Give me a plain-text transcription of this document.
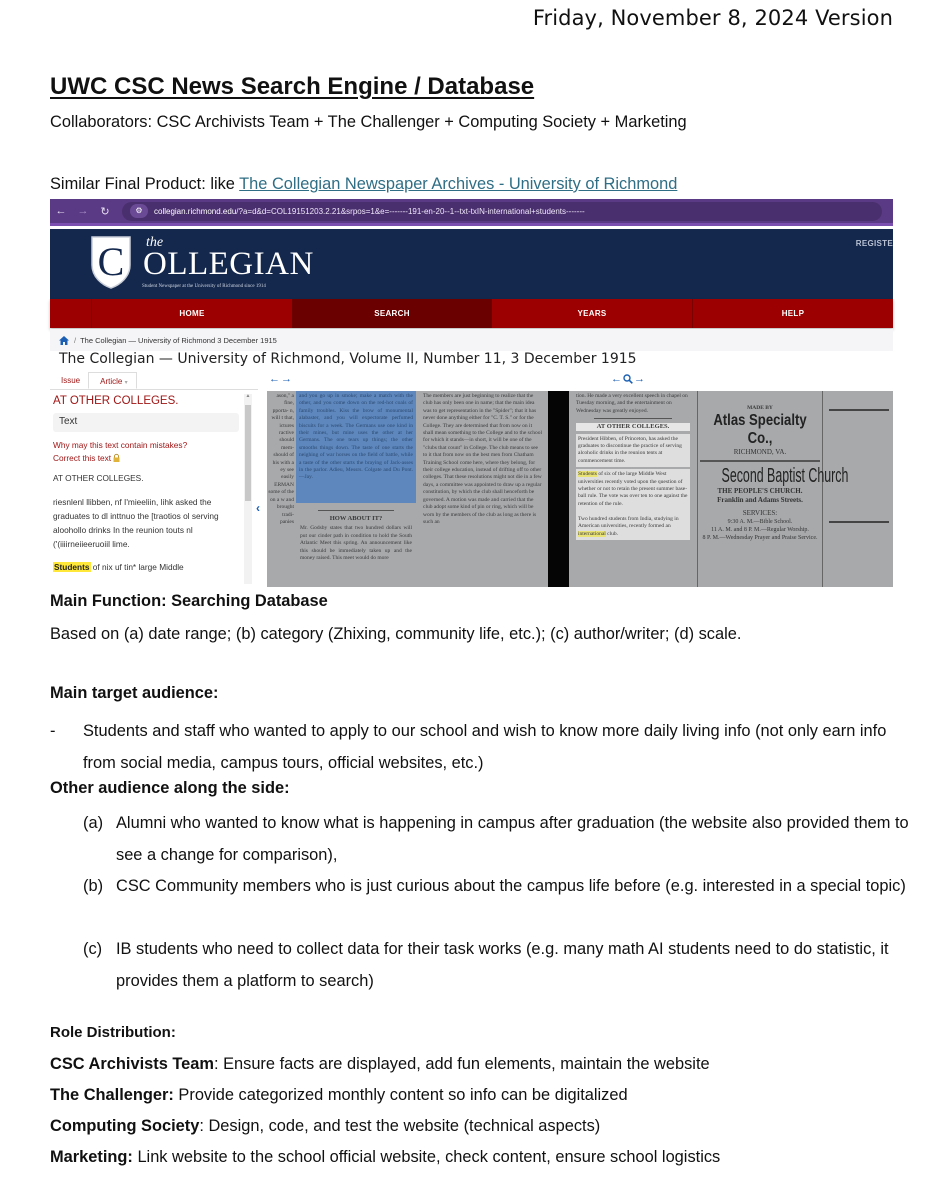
Friday, November 8, 2024 Version
UWC CSC News Search Engine / Database
Collaborators: CSC Archivists Team + The Challenger + Computing Society + Marketing
Similar Final Product: like The Collegian Newspaper Archives - University of Richmond
←	→	↻	⚙	collegian.richmond.edu/?a=d&d=COL19151203.2.21&srpos=1&e=-------191-en-20--1--txt-txIN-international+students-------
C the
OLLEGIAN
Student Newspaper at the University of Richmond since 1914
REGISTE
HOME	SEARCH	YEARS	HELP
/ The Collegian — University of Richmond 3 December 1915
The Collegian — University of Richmond, Volume II, Number 11, 3 December 1915
Issue	Article ▾
AT OTHER COLLEGES.
Text
Why may this text contain mistakes?
Correct this text
AT OTHER COLLEGES.
riesnlenl llibben, nf I'mieeliin, lihk asked the graduates to dl inttnuo the [traotios ol serving aloohollo drinks In the reunion touts nl ('(iiiirneiieeruoiil lime.
Students of nix uf tin* large Middle
▲
‹
←→	← →
ason," a fine, pporta- n, will t that, ictures ractive should mem- should of his with a ey see easily ERMAN some of the on a w and brought tradi- panies
and you go up in smoke; make a match with the other, and you come down on the red-hot coals of family troubles. Kiss the brow of monumental alabaster, and you will expectorate perfumed biscuits for a week. The Germans use one kind in their mines, but mine uses the other at her Germans. The one tears up things; the other smooths things down. The taste of one starts the neighing of war horses on the field of battle, while a taste of the other starts the braying of Jack-asses in the parlor. Adieu, Messrs. Colgate and Du Pont. —Jay.
HOW ABOUT IT?
Mr. Godsby states that two hundred dollars will put our cinder path in condition to hold the South Atlantic Meet this spring. An announcement like this should be immediately taken up and the money raised. This meet would do more
The members are just beginning to realize that the club has only been one in name; that the main idea was to get representation in the "Spider"; that it has never done anything either for "C. T. S." or for the College. They are determined that from now on it shall mean something to the College and to the school for which it stands—in short, it will be one of the "clubs that count" in College. The club means to see to it that from now on the best men from Chatham Training School come here, where they belong, for their college education, instead of drifting off to other colleges. That these resolutions might not die in a few days, a committee was appointed to draw up a regular constitution, by which the club shall henceforth be governed. A motion was made and carried that the club adopt some kind of pin or ring, which will be worn by the members of the club as long as there is such an
tion. He made a very excellent speech in chapel on Tuesday morning, and the entertainment on Wednesday was greatly enjoyed.
AT OTHER COLLEGES.
President Hibben, of Princeton, has asked the graduates to discontinue the practice of serving alcoholic drinks in the reunion tents at commencement time.
Students of six of the large Middle West universities recently voted upon the question of whether or not to retain the present summer base-ball rule. The vote was over ten to one against the retention of the rule.

Two hundred students from India, studying in American universities, recently formed an international club.
MADE BY
Atlas Specialty Co.,
RICHMOND, VA.
Second Baptist Church
THE PEOPLE'S CHURCH.
Franklin and Adams Streets.
SERVICES:
9:30 A. M.—Bible School.
11 A. M. and 8 P. M.—Regular Worship.
8 P. M.—Wednesday Prayer and Praise Service.
Main Function: Searching Database
Based on (a) date range; (b) category (Zhixing, community life, etc.); (c) author/writer; (d) scale.
Main target audience:
- Students and staff who wanted to apply to our school and wish to know more daily living info (not only earn info from social media, campus tours, official websites, etc.)
Other audience along the side:
(a) Alumni who wanted to know what is happening in campus after graduation (the website also provided them to see a change for comparison),
(b) CSC Community members who is just curious about the campus life before (e.g. interested in a special topic)
(c) IB students who need to collect data for their task works (e.g. many math AI students need to do statistic, it provides them a platform to search)
Role Distribution:
CSC Archivists Team: Ensure facts are displayed, add fun elements, maintain the website
The Challenger: Provide categorized monthly content so info can be digitalized
Computing Society: Design, code, and test the website (technical aspects)
Marketing: Link website to the school official website, check content, ensure school logistics
